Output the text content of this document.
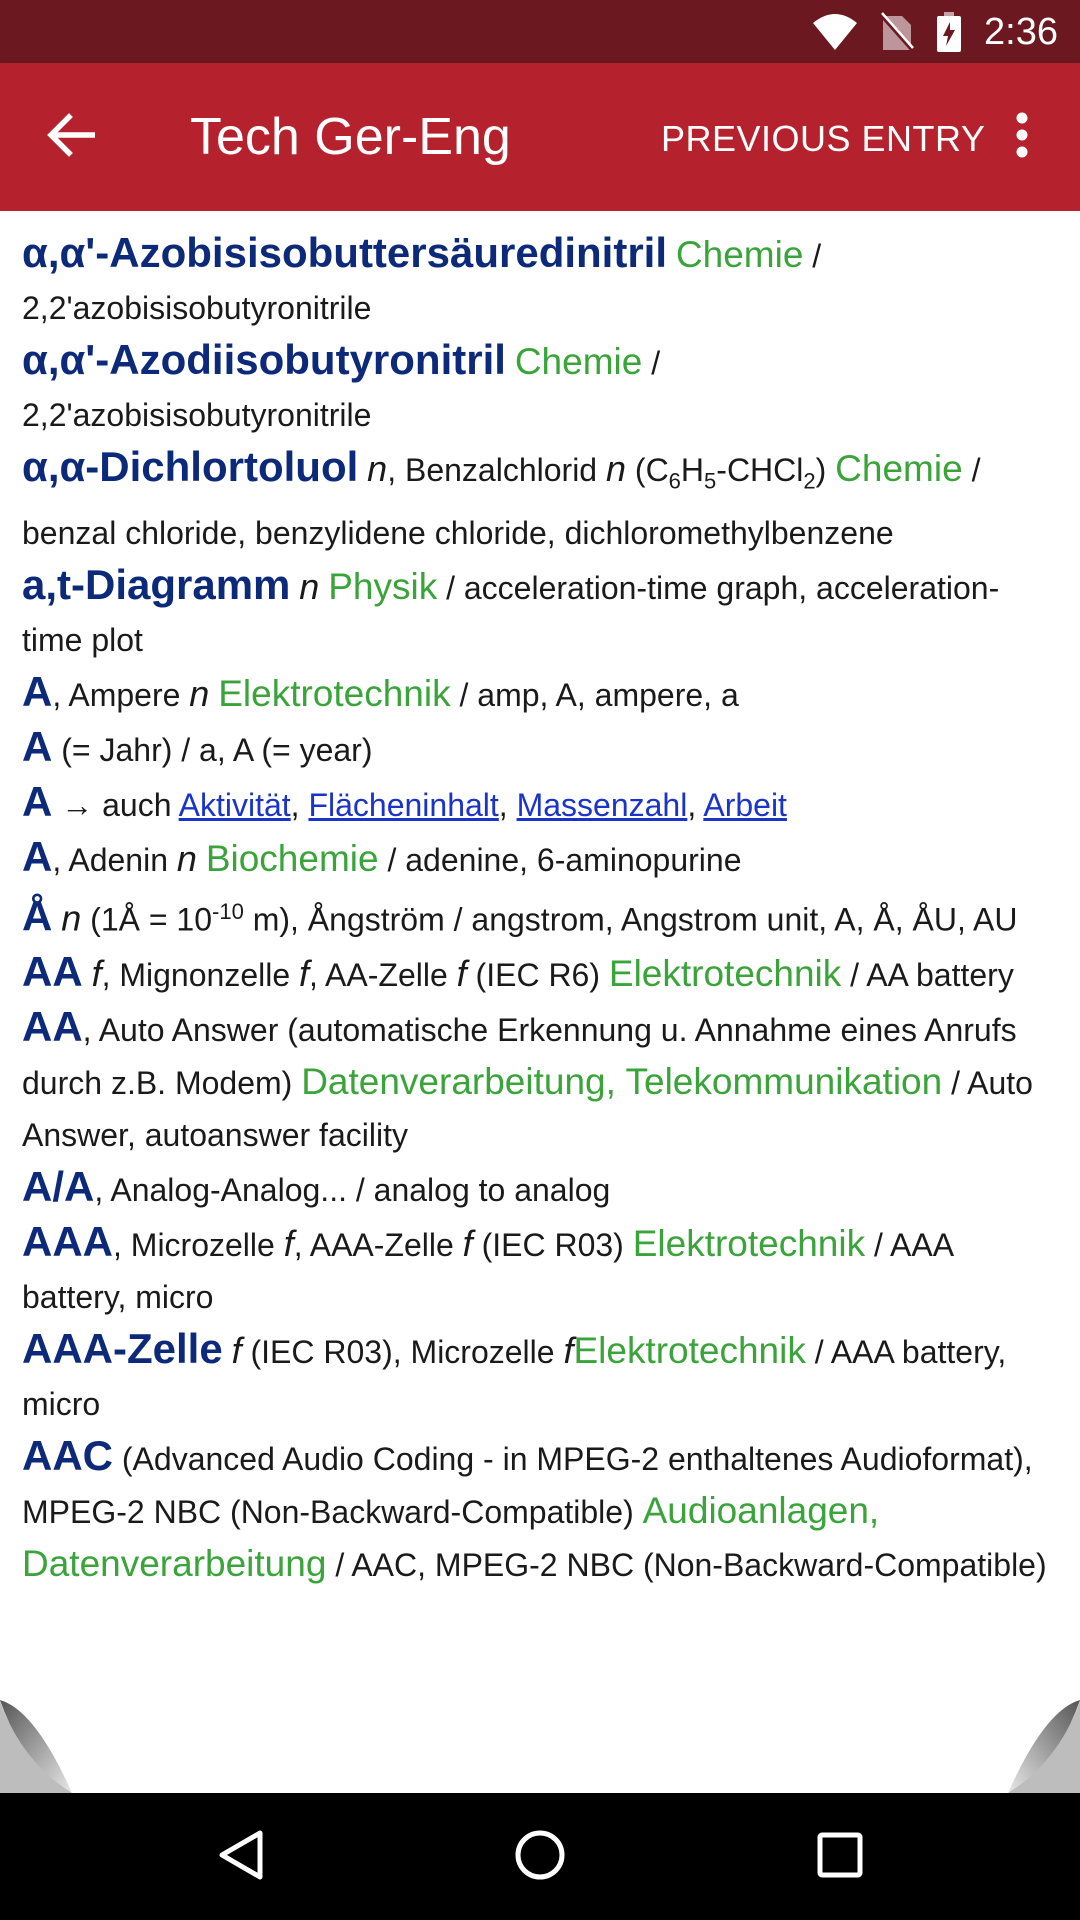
2:36
Tech Ger-Eng	PREVIOUS ENTRY
α,α'-Azobisisobuttersäuredinitril Chemie /
2,2'azobisisobutyronitrile
α,α'-Azodiisobutyronitril Chemie /
2,2'azobisisobutyronitrile
α,α-Dichlortoluol n, Benzalchlorid n $(C_6H_5-CHCl_2)$ Chemie / benzal chloride, benzylidene chloride, dichloromethylbenzene
a,t-Diagramm n Physik / acceleration-time graph, acceleration-time plot
A, Ampere n Elektrotechnik / amp, A, ampere, a
A (= Jahr) / a, A (= year)
A → auch Aktivität, Flächeninhalt, Massenzahl, Arbeit
A, Adenin n Biochemie / adenine, 6-aminopurine
Å n (1Å = $10^{-10}$ m), Ångström / angstrom, Angstrom unit, A, Å, ÅU, AU
AA f, Mignonzelle f, AA-Zelle f (IEC R6) Elektrotechnik / AA battery
AA, Auto Answer (automatische Erkennung u. Annahme eines Anrufs durch z.B. Modem) Datenverarbeitung, Telekommunikation / Auto Answer, autoanswer facility
A/A, Analog-Analog... / analog to analog
AAA, Microzelle f, AAA-Zelle f (IEC R03) Elektrotechnik / AAA battery, micro
AAA-Zelle f (IEC R03), Microzelle fElektrotechnik / AAA battery, micro
AAC (Advanced Audio Coding - in MPEG-2 enthaltenes Audioformat), MPEG-2 NBC (Non-Backward-Compatible) Audioanlagen, Datenverarbeitung / AAC, MPEG-2 NBC (Non-Backward-Compatible)
